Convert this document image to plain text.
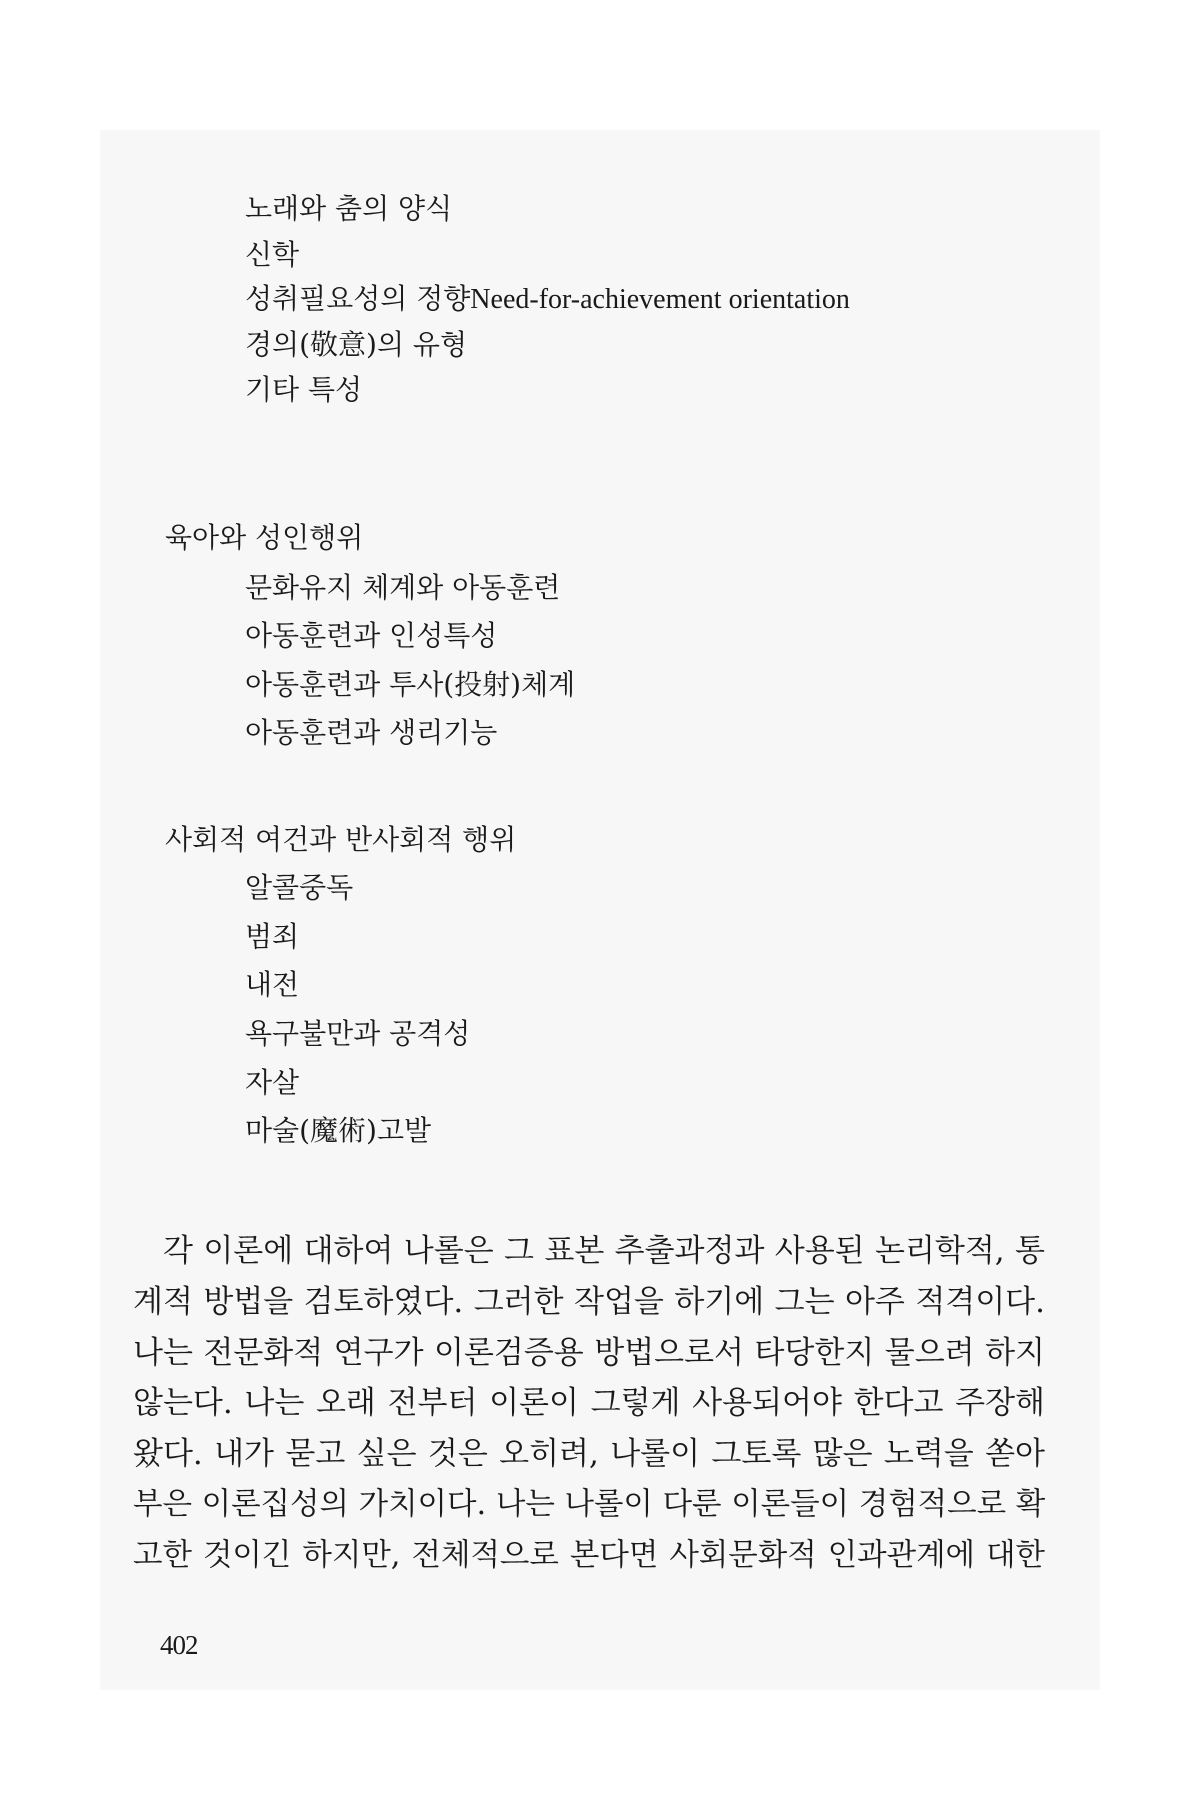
노래와 춤의 양식
신학
성취필요성의 정향Need-for-achievement orientation
경의(敬意)의 유형
기타 특성
육아와 성인행위
문화유지 체계와 아동훈련
아동훈련과 인성특성
아동훈련과 투사(投射)체계
아동훈련과 생리기능
사회적 여건과 반사회적 행위
알콜중독
범죄
내전
욕구불만과 공격성
자살
마술(魔術)고발
각 이론에 대하여 나롤은 그 표본 추출과정과 사용된 논리학적, 통
계적 방법을 검토하였다. 그러한 작업을 하기에 그는 아주 적격이다.
나는 전문화적 연구가 이론검증용 방법으로서 타당한지 물으려 하지
않는다. 나는 오래 전부터 이론이 그렇게 사용되어야 한다고 주장해
왔다. 내가 묻고 싶은 것은 오히려, 나롤이 그토록 많은 노력을 쏟아
부은 이론집성의 가치이다. 나는 나롤이 다룬 이론들이 경험적으로 확
고한 것이긴 하지만, 전체적으로 본다면 사회문화적 인과관계에 대한
402
